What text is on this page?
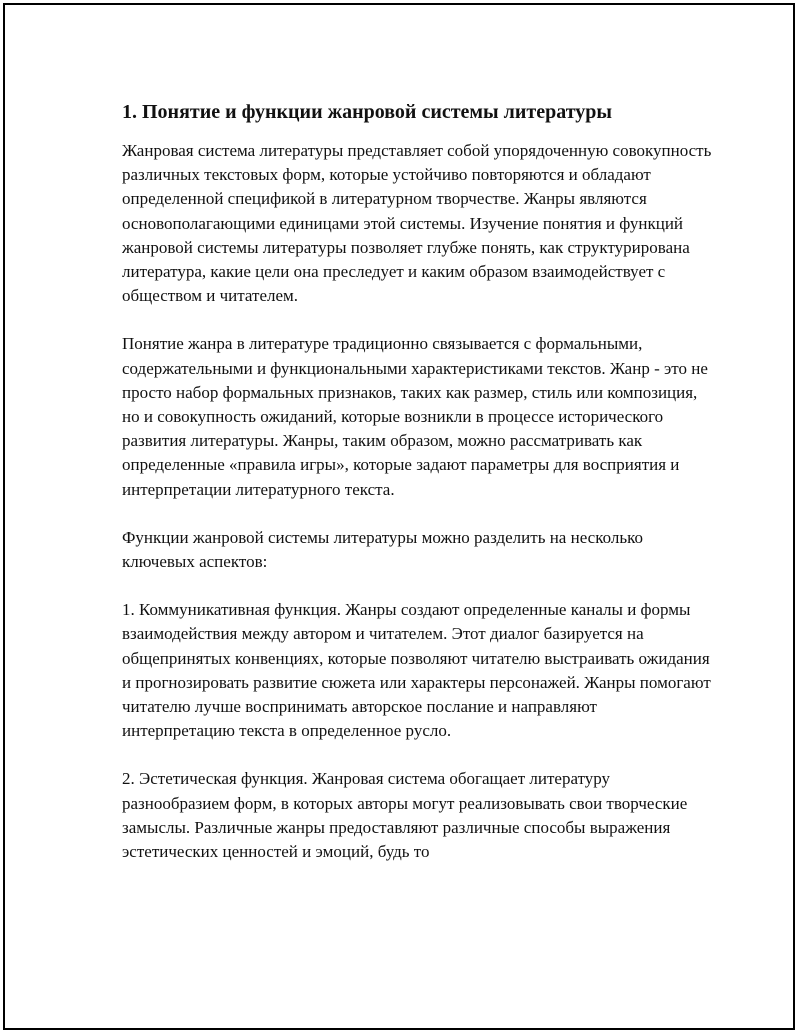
1. Понятие и функции жанровой системы литературы

Жанровая система литературы представляет собой упорядоченную совокупность различных текстовых форм, которые устойчиво повторяются и обладают определенной спецификой в литературном творчестве. Жанры являются основополагающими единицами этой системы. Изучение понятия и функций жанровой системы литературы позволяет глубже понять, как структурирована литература, какие цели она преследует и каким образом взаимодействует с обществом и читателем.

Понятие жанра в литературе традиционно связывается с формальными, содержательными и функциональными характеристиками текстов. Жанр - это не просто набор формальных признаков, таких как размер, стиль или композиция, но и совокупность ожиданий, которые возникли в процессе исторического развития литературы. Жанры, таким образом, можно рассматривать как определенные «правила игры», которые задают параметры для восприятия и интерпретации литературного текста.

Функции жанровой системы литературы можно разделить на несколько ключевых аспектов:

1. Коммуникативная функция. Жанры создают определенные каналы и формы взаимодействия между автором и читателем. Этот диалог базируется на общепринятых конвенциях, которые позволяют читателю выстраивать ожидания и прогнозировать развитие сюжета или характеры персонажей. Жанры помогают читателю лучше воспринимать авторское послание и направляют интерпретацию текста в определенное русло.

2. Эстетическая функция. Жанровая система обогащает литературу разнообразием форм, в которых авторы могут реализовывать свои творческие замыслы. Различные жанры предоставляют различные способы выражения эстетических ценностей и эмоций, будь то
